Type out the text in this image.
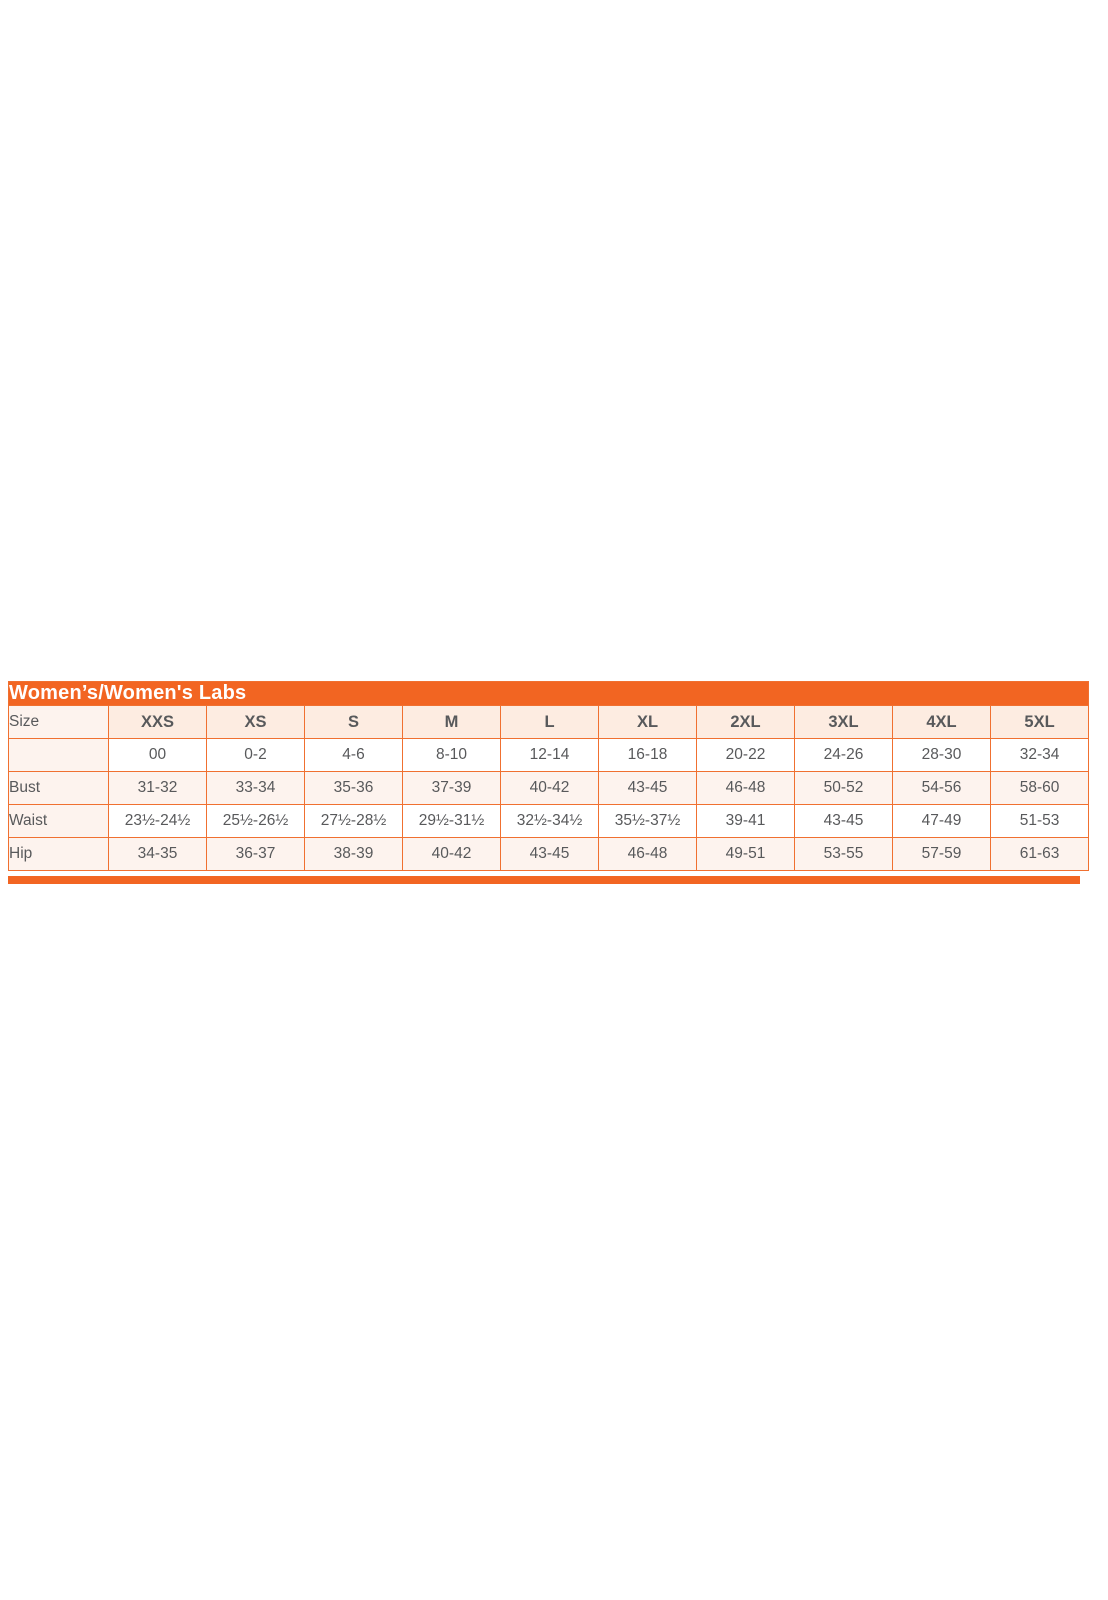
Women’s/Women's Labs										
Size	XXS	XS	S	M	L	XL	2XL	3XL	4XL	5XL
	00	0-2	4-6	8-10	12-14	16-18	20-22	24-26	28-30	32-34
Bust	31-32	33-34	35-36	37-39	40-42	43-45	46-48	50-52	54-56	58-60
Waist	23½-24½	25½-26½	27½-28½	29½-31½	32½-34½	35½-37½	39-41	43-45	47-49	51-53
Hip	34-35	36-37	38-39	40-42	43-45	46-48	49-51	53-55	57-59	61-63
